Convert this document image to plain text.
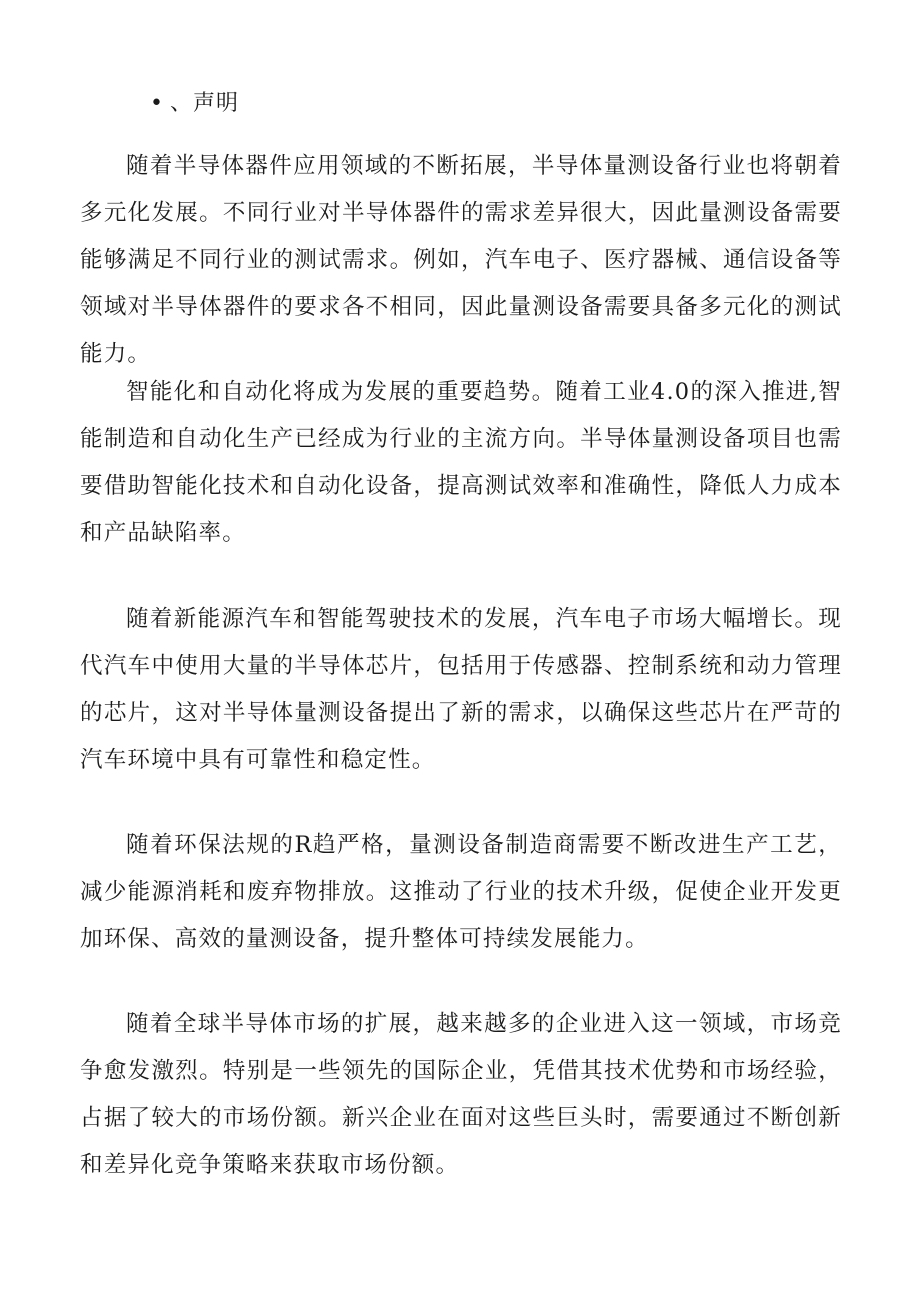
• 、声明

随着半导体器件应用领域的不断拓展，半导体量测设备行业也将朝着多元化发展。不同行业对半导体器件的需求差异很大，因此量测设备需要能够满足不同行业的测试需求。例如，汽车电子、医疗器械、通信设备等领域对半导体器件的要求各不相同，因此量测设备需要具备多元化的测试能力。

智能化和自动化将成为发展的重要趋势。随着工业4.0的深入推进,智能制造和自动化生产已经成为行业的主流方向。半导体量测设备项目也需要借助智能化技术和自动化设备，提高测试效率和准确性，降低人力成本和产品缺陷率。

随着新能源汽车和智能驾驶技术的发展，汽车电子市场大幅增长。现代汽车中使用大量的半导体芯片，包括用于传感器、控制系统和动力管理的芯片，这对半导体量测设备提出了新的需求，以确保这些芯片在严苛的汽车环境中具有可靠性和稳定性。

随着环保法规的R趋严格，量测设备制造商需要不断改进生产工艺，减少能源消耗和废弃物排放。这推动了行业的技术升级，促使企业开发更加环保、高效的量测设备，提升整体可持续发展能力。

随着全球半导体市场的扩展，越来越多的企业进入这一领域，市场竞争愈发激烈。特别是一些领先的国际企业，凭借其技术优势和市场经验，占据了较大的市场份额。新兴企业在面对这些巨头时，需要通过不断创新和差异化竞争策略来获取市场份额。
